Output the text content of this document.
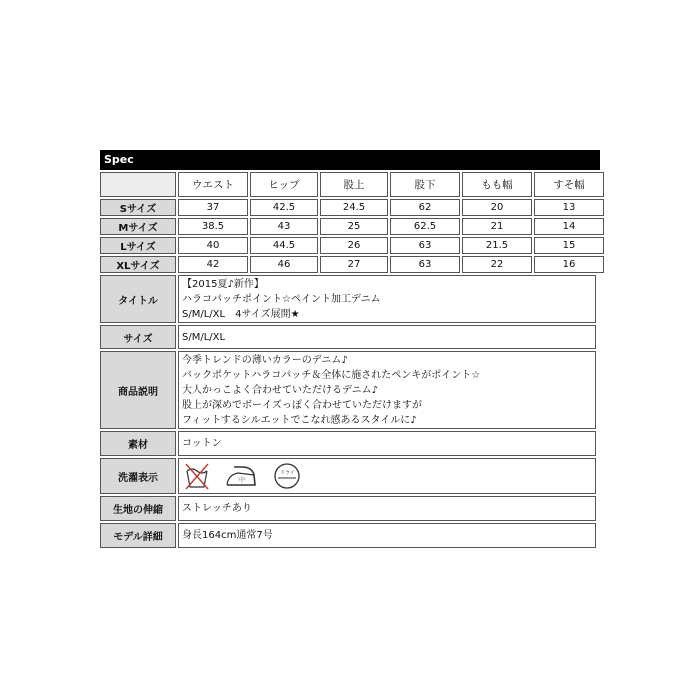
Spec
	ウエスト	ヒップ	股上	股下	もも幅	すそ幅
Sサイズ	37	42.5	24.5	62	20	13
Mサイズ	38.5	43	25	62.5	21	14
Lサイズ	40	44.5	26	63	21.5	15
XLサイズ	42	46	27	63	22	16
タイトル	【2015夏♪新作】
ハラコパッチポイント☆ペイント加工デニム
S/M/L/XL　4サイズ展開★

サイズ	S/M/L/XL
商品説明	今季トレンドの薄いカラーのデニム♪
バックポケットハラコパッチ＆全体に施されたペンキがポイント☆
大人かっこよく合わせていただけるデニム♪
股上が深めでボーイズっぽく合わせていただけますが
フィットするシルエットでこなれ感あるスタイルに♪

素材	コットン
洗濯表示	中
ドライ

生地の伸縮	ストレッチあり
モデル詳細	身長164cm通常7号
